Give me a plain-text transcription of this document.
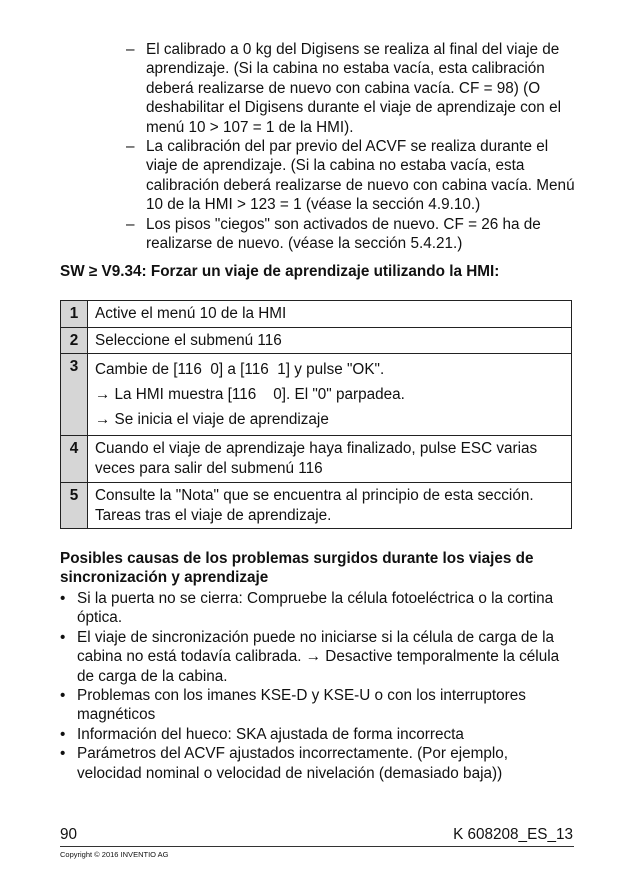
– El calibrado a 0 kg del Digisens se realiza al final del viaje de aprendizaje. (Si la cabina no estaba vacía, esta calibración deberá realizarse de nuevo con cabina vacía. CF = 98) (O deshabilitar el Digisens durante el viaje de aprendizaje con el menú 10 > 107 = 1 de la HMI).
– La calibración del par previo del ACVF se realiza durante el viaje de aprendizaje. (Si la cabina no estaba vacía, esta calibración deberá realizarse de nuevo con cabina vacía. Menú 10 de la HMI > 123 = 1 (véase la sección 4.9.10.)
– Los pisos "ciegos" son activados de nuevo. CF = 26 ha de realizarse de nuevo. (véase la sección 5.4.21.)
SW ≥ V9.34: Forzar un viaje de aprendizaje utilizando la HMI:
1	Active el menú 10 de la HMI

2	Seleccione el submenú 116

3	Cambie de [116  0] a [116  1] y pulse "OK".
→ La HMI muestra [116    0]. El "0" parpadea.
→ Se inicia el viaje de aprendizaje

4	Cuando el viaje de aprendizaje haya finalizado, pulse ESC varias veces para salir del submenú 116

5	Consulte la "Nota" que se encuentra al principio de esta sección. Tareas tras el viaje de aprendizaje.
Posibles causas de los problemas surgidos durante los viajes de sincronización y aprendizaje
• Si la puerta no se cierra: Compruebe la célula fotoeléctrica o la cortina óptica.
• El viaje de sincronización puede no iniciarse si la célula de carga de la cabina no está todavía calibrada. → Desactive temporalmente la célula de carga de la cabina.
• Problemas con los imanes KSE-D y KSE-U o con los interruptores magnéticos
• Información del hueco: SKA ajustada de forma incorrecta
• Parámetros del ACVF ajustados incorrectamente. (Por ejemplo, velocidad nominal o velocidad de nivelación (demasiado baja))
90	K 608208_ES_13
Copyright © 2016 INVENTIO AG
